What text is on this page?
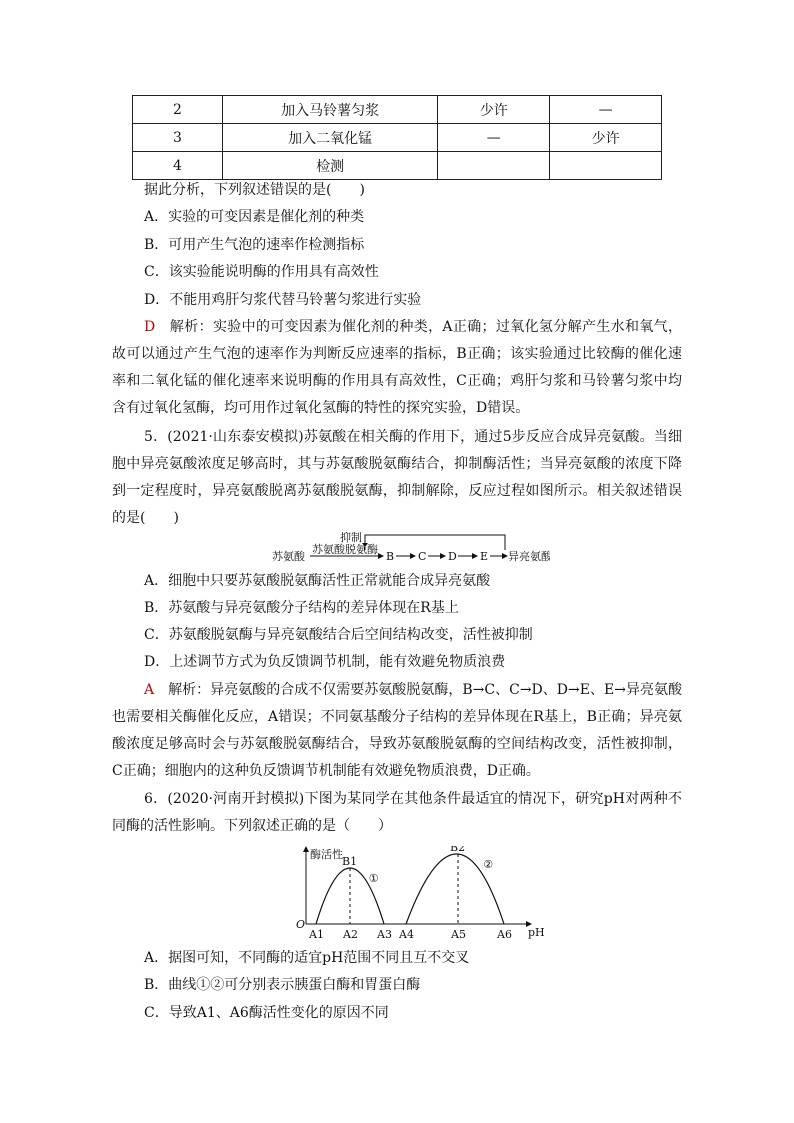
2	加入马铃薯匀浆	少许	—
3	加入二氧化锰	—	少许
4	检测		
据此分析，下列叙述错误的是(　　)
A．实验的可变因素是催化剂的种类
B．可用产生气泡的速率作检测指标
C．该实验能说明酶的作用具有高效性
D．不能用鸡肝匀浆代替马铃薯匀浆进行实验
D　解析：实验中的可变因素为催化剂的种类，A正确；过氧化氢分解产生水和氧气，故可以通过产生气泡的速率作为判断反应速率的指标，B正确；该实验通过比较酶的催化速率和二氧化锰的催化速率来说明酶的作用具有高效性，C正确；鸡肝匀浆和马铃薯匀浆中均含有过氧化氢酶，均可用作过氧化氢酶的特性的探究实验，D错误。
5．(2021·山东泰安模拟)苏氨酸在相关酶的作用下，通过5步反应合成异亮氨酸。当细胞中异亮氨酸浓度足够高时，其与苏氨酸脱氨酶结合，抑制酶活性；当异亮氨酸的浓度下降到一定程度时，异亮氨酸脱离苏氨酸脱氨酶，抑制解除，反应过程如图所示。相关叙述错误的是(　　)
抑制
苏氨酸脱氨酶
苏氨酸	B C D E 异亮氨酸
A．细胞中只要苏氨酸脱氨酶活性正常就能合成异亮氨酸
B．苏氨酸与异亮氨酸分子结构的差异体现在R基上
C．苏氨酸脱氨酶与异亮氨酸结合后空间结构改变，活性被抑制
D．上述调节方式为负反馈调节机制，能有效避免物质浪费
A　解析：异亮氨酸的合成不仅需要苏氨酸脱氨酶，B→C、C→D、D→E、E→异亮氨酸也需要相关酶催化反应，A错误；不同氨基酸分子结构的差异体现在R基上，B正确；异亮氨酸浓度足够高时会与苏氨酸脱氨酶结合，导致苏氨酸脱氨酶的空间结构改变，活性被抑制，C正确；细胞内的这种负反馈调节机制能有效避免物质浪费，D正确。
6．(2020·河南开封模拟)下图为某同学在其他条件最适宜的情况下，研究pH对两种不同酶的活性影响。下列叙述正确的是（　　）
酶活性
pH
O
A1 A2 A3 A4	A5	A6
B1
①
B2
②
A．据图可知，不同酶的适宜pH范围不同且互不交叉
B．曲线①②可分别表示胰蛋白酶和胃蛋白酶
C．导致A1、A6酶活性变化的原因不同
